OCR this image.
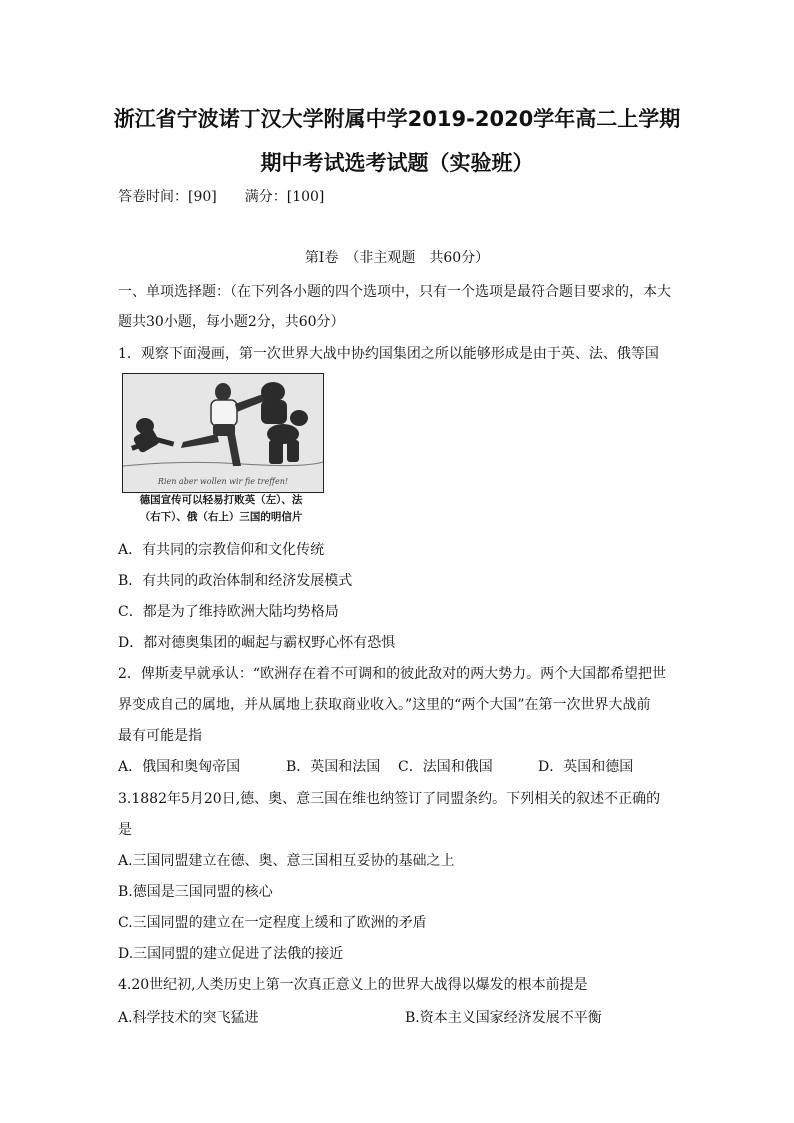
浙江省宁波诺丁汉大学附属中学2019-2020学年高二上学期
期中考试选考试题（实验班）
答卷时间：[90]　　满分：[100]
第Ⅰ卷　（非主观题　共60分）
一、单项选择题：（在下列各小题的四个选项中，只有一个选项是最符合题目要求的，本大
题共30小题，每小题2分，共60分）
1．观察下面漫画，第一次世界大战中协约国集团之所以能够形成是由于英、法、俄等国
Rien aber wollen wir fie treffen!
德国宣传可以轻易打败英（左）、法
（右下）、俄（右上）三国的明信片
A．有共同的宗教信仰和文化传统
B．有共同的政治体制和经济发展模式
C．都是为了维持欧洲大陆均势格局
D．都对德奥集团的崛起与霸权野心怀有恐惧
2．俾斯麦早就承认：“欧洲存在着不可调和的彼此敌对的两大势力。两个大国都希望把世
界变成自己的属地，并从属地上获取商业收入。”这里的“两个大国”在第一次世界大战前
最有可能是指
A．俄国和奥匈帝国	B．英国和法国 C．法国和俄国	D．英国和德国
3.1882年5月20日,德、奥、意三国在维也纳签订了同盟条约。下列相关的叙述不正确的
是
A.三国同盟建立在德、奥、意三国相互妥协的基础之上
B.德国是三国同盟的核心
C.三国同盟的建立在一定程度上缓和了欧洲的矛盾
D.三国同盟的建立促进了法俄的接近
4.20世纪初,人类历史上第一次真正意义上的世界大战得以爆发的根本前提是
A.科学技术的突飞猛进	B.资本主义国家经济发展不平衡
